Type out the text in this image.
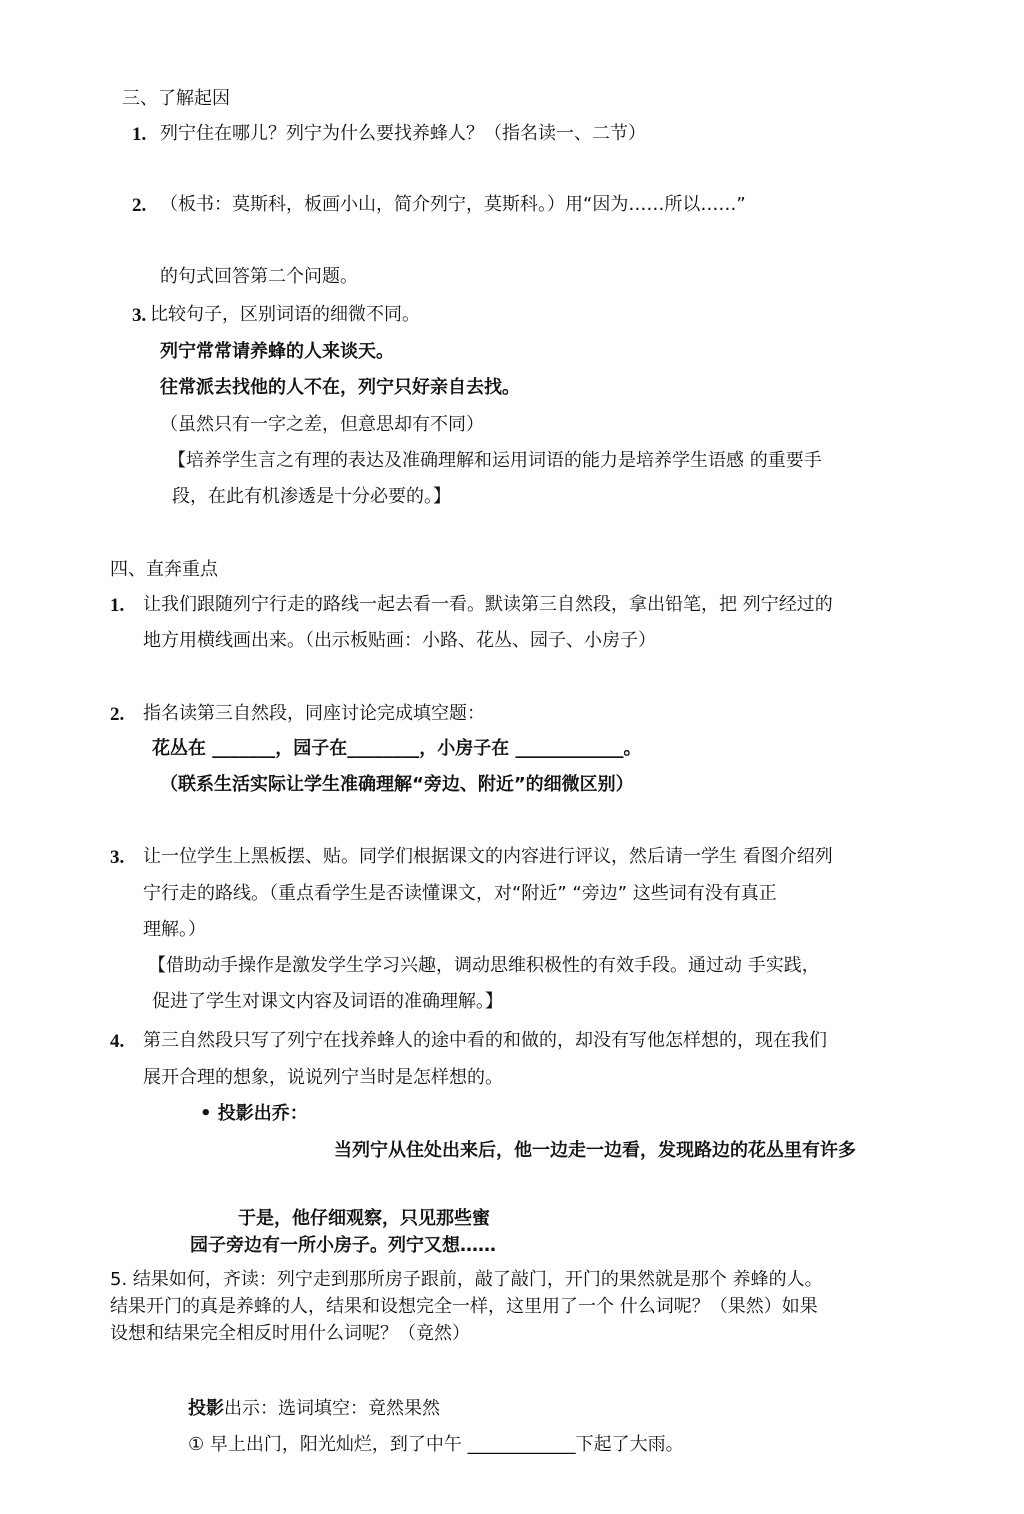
三、了解起因
1. 列宁住在哪儿？列宁为什么要找养蜂人？（指名读一、二节）
2. （板书：莫斯科，板画小山，简介列宁，莫斯科。）用“因为……所以……”
的句式回答第二个问题。
3. 比较句子，区别词语的细微不同。
列宁常常请养蜂的人来谈天。
往常派去找他的人不在，列宁只好亲自去找。
（虽然只有一字之差，但意思却有不同）
【培养学生言之有理的表达及准确理解和运用词语的能力是培养学生语感 的重要手
段，在此有机渗透是十分必要的。】
四、直奔重点
1. 让我们跟随列宁行走的路线一起去看一看。默读第三自然段，拿出铅笔，把 列宁经过的
地方用横线画出来。（出示板贴画：小路、花丛、园子、小房子）
2. 指名读第三自然段，同座讨论完成填空题：
花丛在 _______，园子在________，小房子在 ____________。
（联系生活实际让学生准确理解“旁边、附近”的细微区别）
3. 让一位学生上黑板摆、贴。同学们根据课文的内容进行评议，然后请一学生 看图介绍列
宁行走的路线。（重点看学生是否读懂课文，对“附近” “旁边” 这些词有没有真正
理解。）
【借助动手操作是激发学生学习兴趣，调动思维积极性的有效手段。通过动 手实践，
促进了学生对课文内容及词语的准确理解。】
4. 第三自然段只写了列宁在找养蜂人的途中看的和做的，却没有写他怎样想的，现在我们
展开合理的想象，说说列宁当时是怎样想的。
• 投影出乔：
当列宁从住处出来后，他一边走一边看，发现路边的花丛里有许多
于是，他仔细观察，只见那些蜜
园子旁边有一所小房子。列宁又想……
5. 结果如何，齐读：列宁走到那所房子跟前，敲了敲门，开门的果然就是那个 养蜂的人。
结果开门的真是养蜂的人，结果和设想完全一样，这里用了一个 什么词呢？（果然）如果
设想和结果完全相反时用什么词呢？（竟然）
投影出示：选词填空：竟然果然
① 早上出门，阳光灿烂，到了中午 ____________下起了大雨。
